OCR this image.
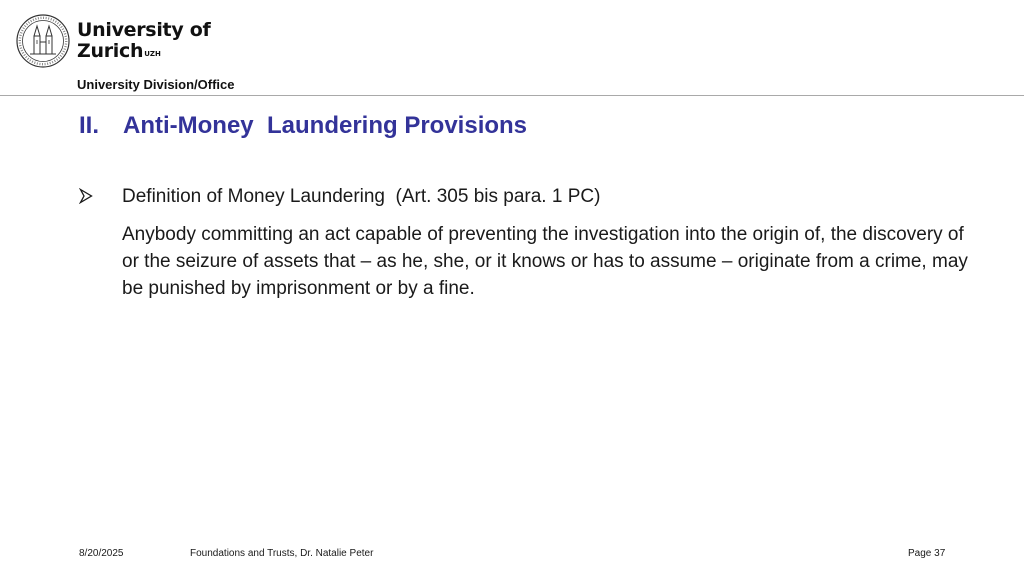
University of
Zurich$^{UZH}$
University Division/Office
II. Anti-Money  Laundering Provisions
Definition of Money Laundering  (Art. 305 bis para. 1 PC)

Anybody committing an act capable of preventing the investigation into the origin of, the discovery of or the seizure of assets that – as he, she, or it knows or has to assume – originate from a crime, may be punished by imprisonment or by a fine.

8/20/2025	Foundations and Trusts, Dr. Natalie Peter	Page 37
